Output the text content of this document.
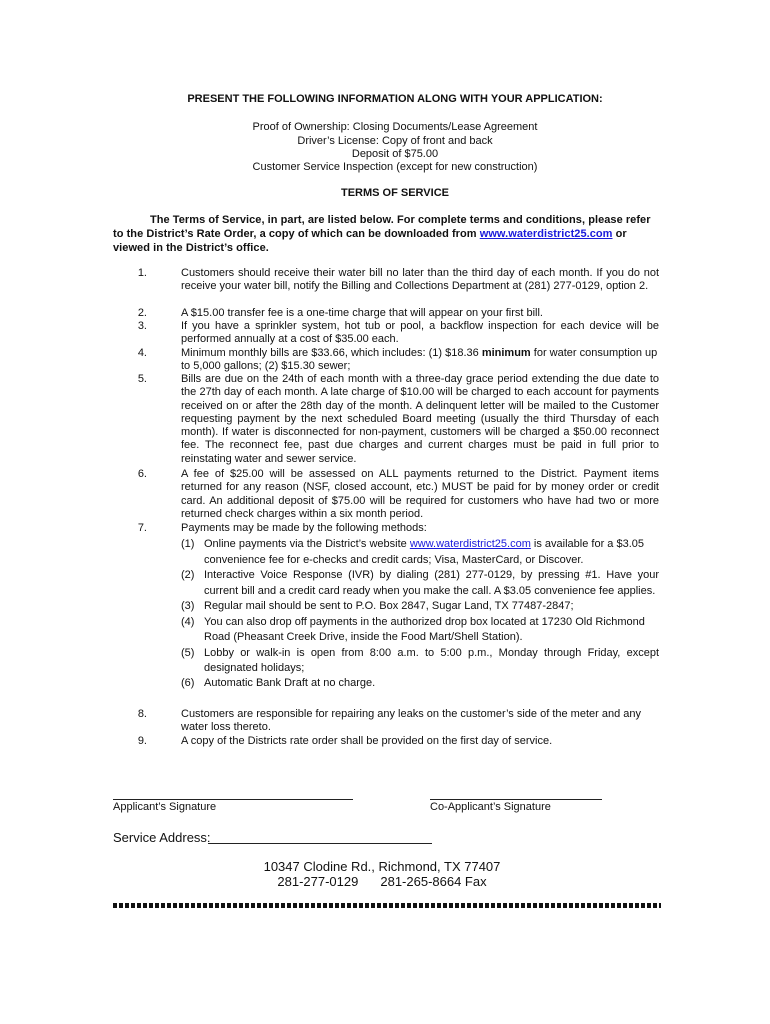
PRESENT THE FOLLOWING INFORMATION ALONG WITH YOUR APPLICATION:
Proof of Ownership: Closing Documents/Lease Agreement
Driver’s License: Copy of front and back
Deposit of $75.00
Customer Service Inspection (except for new construction)
TERMS OF SERVICE
The Terms of Service, in part, are listed below. For complete terms and conditions, please refer to the District’s Rate Order, a copy of which can be downloaded from www.waterdistrict25.com or viewed in the District’s office.
1.	Customers should receive their water bill no later than the third day of each month. If you do not receive your water bill, notify the Billing and Collections Department at (281) 277-0129, option 2.
2.	A $15.00 transfer fee is a one-time charge that will appear on your first bill.
3.	If you have a sprinkler system, hot tub or pool, a backflow inspection for each device will be performed annually at a cost of $35.00 each.
4.	Minimum monthly bills are $33.66, which includes: (1) $18.36 minimum for water consumption up to 5,000 gallons; (2) $15.30 sewer;
5.	Bills are due on the 24th of each month with a three-day grace period extending the due date to the 27th day of each month. A late charge of $10.00 will be charged to each account for payments received on or after the 28th day of the month. A delinquent letter will be mailed to the Customer requesting payment by the next scheduled Board meeting (usually the third Thursday of each month). If water is disconnected for non-payment, customers will be charged a $50.00 reconnect fee. The reconnect fee, past due charges and current charges must be paid in full prior to reinstating water and sewer service.
6.	A fee of $25.00 will be assessed on ALL payments returned to the District. Payment items returned for any reason (NSF, closed account, etc.) MUST be paid for by money order or credit card. An additional deposit of $75.00 will be required for customers who have had two or more returned check charges within a six month period.
7.	Payments may be made by the following methods:

(1) Online payments via the District’s website www.waterdistrict25.com is available for a $3.05 convenience fee for e-checks and credit cards; Visa, MasterCard, or Discover.
(2) Interactive Voice Response (IVR) by dialing (281) 277-0129, by pressing #1. Have your current bill and a credit card ready when you make the call. A $3.05 convenience fee applies.
(3) Regular mail should be sent to P.O. Box 2847, Sugar Land, TX 77487-2847;
(4) You can also drop off payments in the authorized drop box located at 17230 Old Richmond Road (Pheasant Creek Drive, inside the Food Mart/Shell Station).
(5) Lobby or walk-in is open from 8:00 a.m. to 5:00 p.m., Monday through Friday, except designated holidays;
(6) Automatic Bank Draft at no charge.
8.	Customers are responsible for repairing any leaks on the customer’s side of the meter and any water loss thereto.
9.	A copy of the Districts rate order shall be provided on the first day of service.
Applicant’s Signature	Co-Applicant’s Signature
Service Address:
10347 Clodine Rd., Richmond, TX 77407
281-277-0129 281-265-8664 Fax
